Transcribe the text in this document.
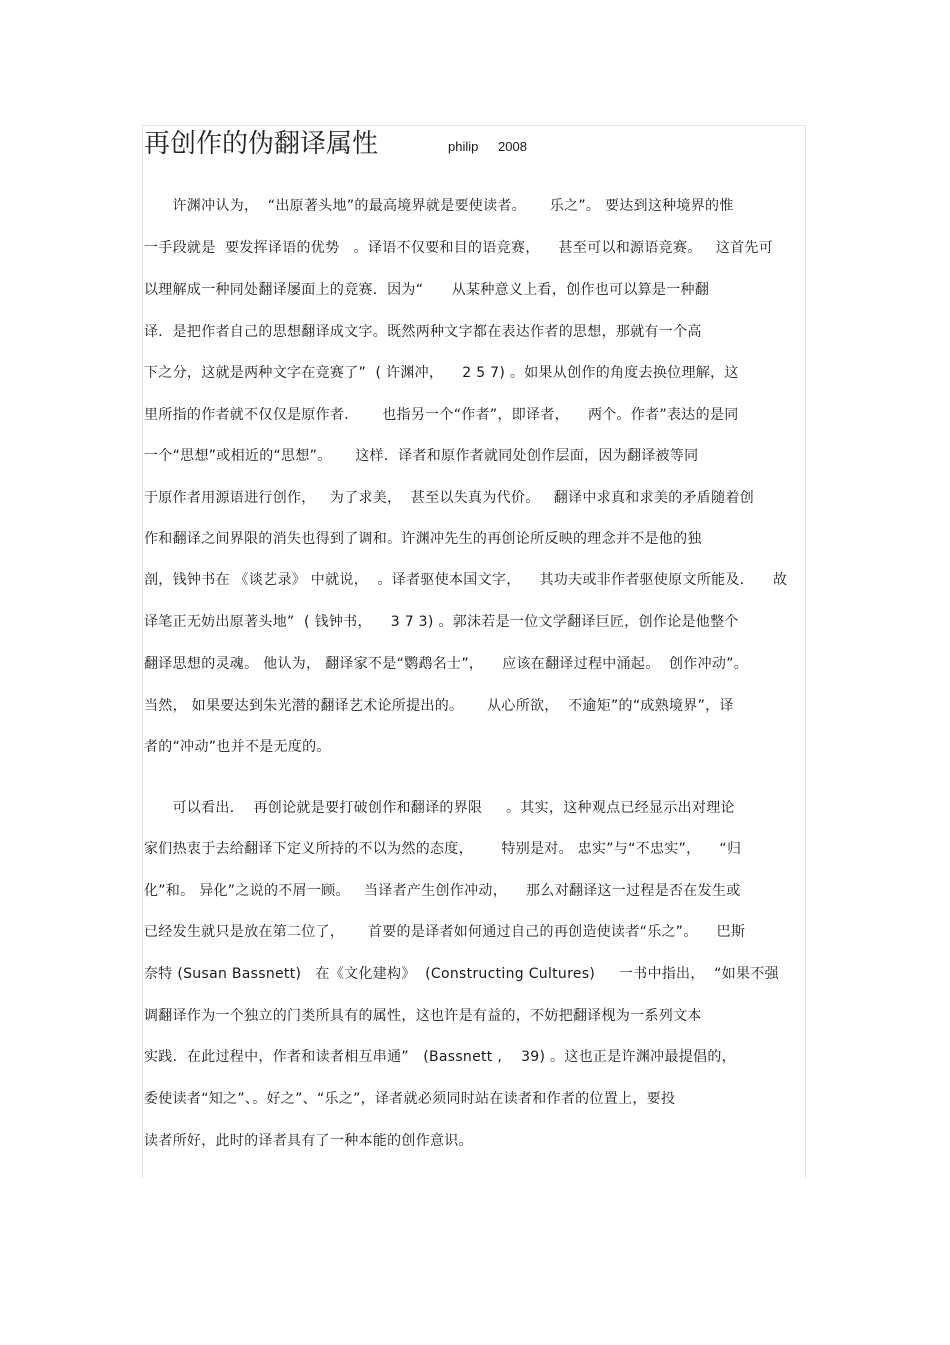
再创作的伪翻译属性	philip 2008
许渊冲认为，  “出原著头地”的最高境界就是要使读者。     乐之”。 要达到这种境界的惟
一手段就是  要发挥译语的优势   。译语不仅要和目的语竞赛，    甚至可以和源语竞赛。   这首先可
以理解成一种同处翻译屡面上的竞赛．因为“      从某种意义上看，创作也可以算是一种翻
译．是把作者自己的思想翻译成文字。既然两种文字都在表达作者的思想，那就有一个高
下之分，这就是两种文字在竞赛了”  ( 许渊冲，    2 5 7) 。如果从创作的角度去换位理解，这
里所指的作者就不仅仅是原作者．     也指另一个“作者”，即译者，    两个。作者”表达的是同
一个“思想”或相近的“思想”。     这样．译者和原作者就同处创作层面，因为翻译被等同
于原作者用源语进行创作，   为了求美，  甚至以失真为代价。   翻译中求真和求美的矛盾随着创
作和翻译之间界限的消失也得到了调和。许渊冲先生的再创论所反映的理念并不是他的独
剖，钱钟书在 《谈艺录》 中就说，  。译者驱使本国文字，    其功夫或非作者驱使原文所能及．    故
译笔正无妨出原著头地”  ( 钱钟书，    3 7 3) 。郭沫若是一位文学翻译巨匠，创作论是他整个
翻译思想的灵魂。 他认为， 翻译家不是“鹦鹉名士”，    应该在翻译过程中涌起。  创作冲动”。
当然， 如果要达到朱光潜的翻译艺术论所提出的。     从心所欲，  不逾矩”的“成熟境界”，译
者的“冲动”也并不是无度的。
可以看出．  再创论就是要打破创作和翻译的界限     。其实，这种观点已经显示出对理论
家们热衷于去给翻译下定义所持的不以为然的态度，      特别是对。 忠实”与“不忠实”，    “归
化”和。 异化”之说的不屑一顾。   当译者产生创作冲动，    那么对翻译这一过程是否在发生或
已经发生就只是放在第二位了，     首要的是译者如何通过自己的再创造使读者“乐之”。    巴斯
奈特 (Susan Bassnett)   在《文化建构》  (Constructing Cultures)     一书中指出，  “如果不强
调翻译作为一个独立的门类所具有的属性，这也许是有益的，不妨把翻译枧为一系列文本
实践．在此过程中，作者和读者相互串通”   (Bassnett ,    39) 。这也正是许渊冲最提倡的，
委使读者“知之”、。好之”、“乐之”，译者就必须同时站在读者和作者的位置上，要投
读者所好，此时的译者具有了一种本能的创作意识。
